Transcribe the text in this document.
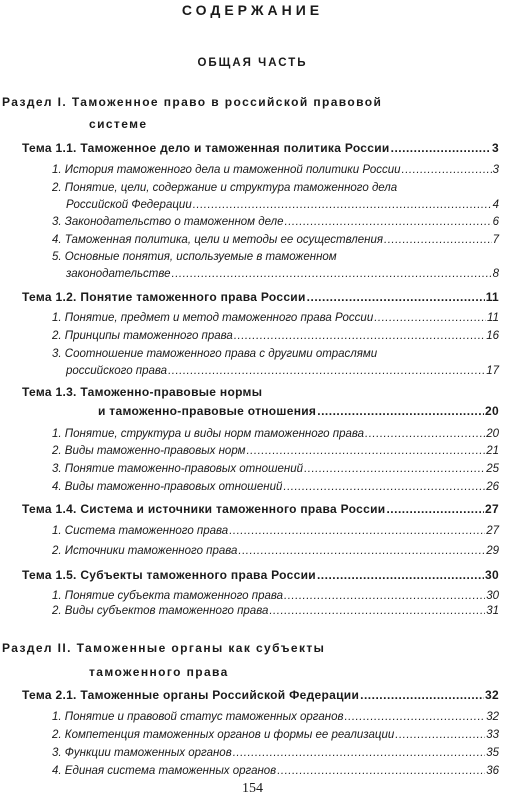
СОДЕРЖАНИЕ
ОБЩАЯ ЧАСТЬ
Раздел I. Таможенное право в российской правовой
системе
Тема 1.1. Таможенное дело и таможенная политика России .....	3
1. История таможенного дела и таможенной политики России .....	3
2. Понятие, цели, содержание и структура таможенного дела
Российской Федерации .....	4
3. Законодательство о таможенном деле .....	6
4. Таможенная политика, цели и методы ее осуществления .....	7
5. Основные понятия, используемые в таможенном
законодательстве .....	8
Тема 1.2. Понятие таможенного права России .....	11
1. Понятие, предмет и метод таможенного права России .....	11
2. Принципы таможенного права .....	16
3. Соотношение таможенного права с другими отраслями
российского права .....	17
Тема 1.3. Таможенно-правовые нормы
и таможенно-правовые отношения .....	20
1. Понятие, структура и виды норм таможенного права .....	20
2. Виды таможенно-правовых норм .....	21
3. Понятие таможенно-правовых отношений .....	25
4. Виды таможенно-правовых отношений .....	26
Тема 1.4. Система и источники таможенного права России .....	27
1. Система таможенного права .....	27
2. Источники таможенного права .....	29
Тема 1.5. Субъекты таможенного права России .....	30
1. Понятие субъекта таможенного права .....	30
2. Виды субъектов таможенного права .....	31
Раздел II. Таможенные органы как субъекты
таможенного права
Тема 2.1. Таможенные органы Российской Федерации .....	32
1. Понятие и правовой статус таможенных органов .....	32
2. Компетенция таможенных органов и формы ее реализации .....	33
3. Функции таможенных органов .....	35
4. Единая система таможенных органов .....	36
154
